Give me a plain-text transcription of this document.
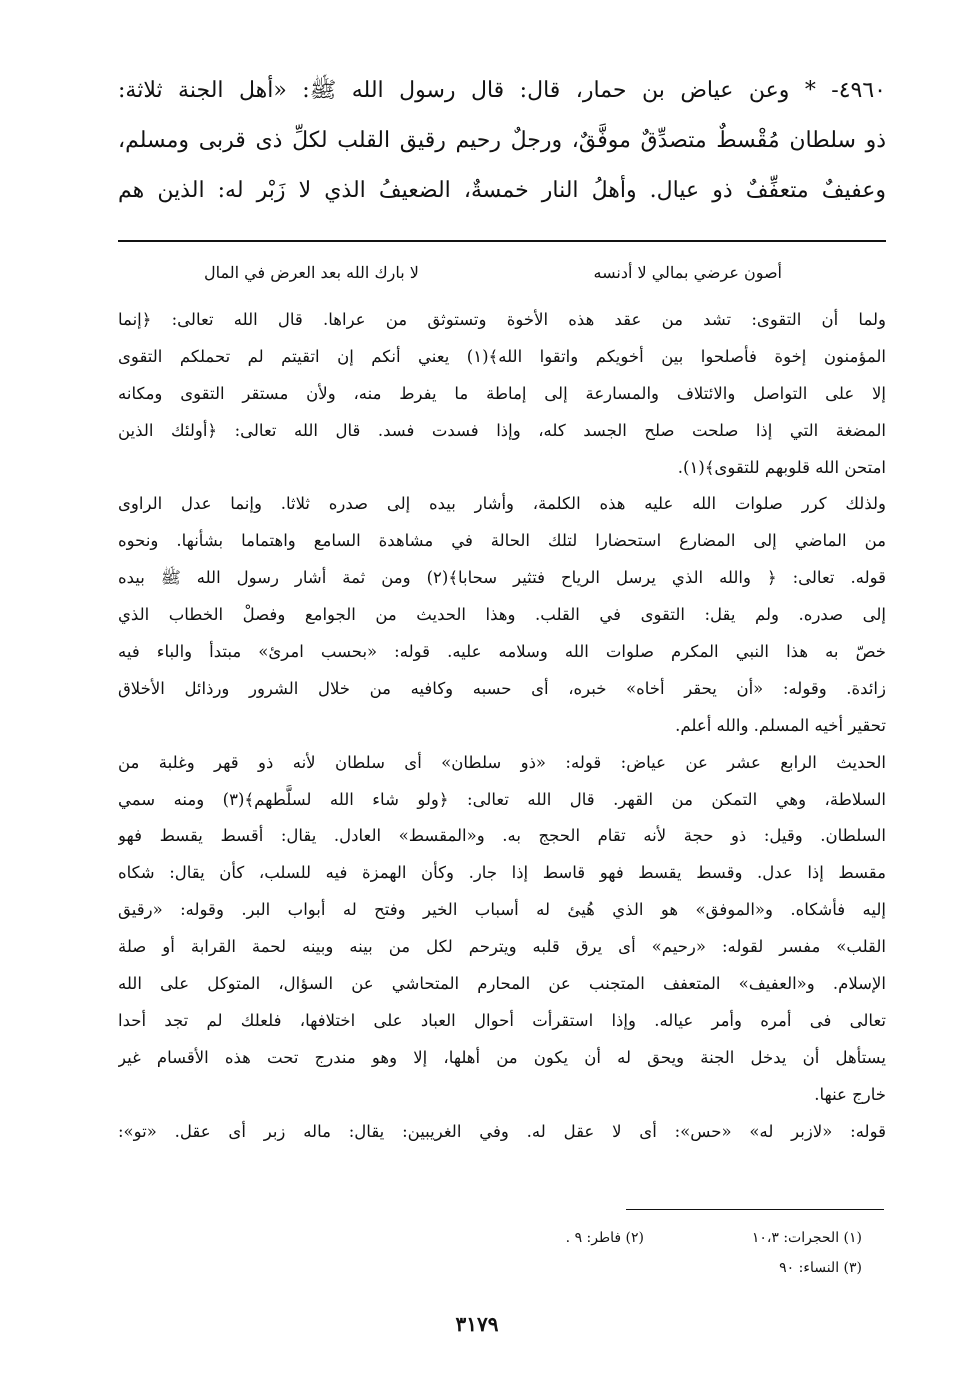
٤٩٦٠- * وعن عياض بن حمار، قال: قال رسول الله ﷺ: «أهل الجنة ثلاثة:
ذو سلطان مُقْسطٌ متصدِّقٌ موفَّقٌ، ورجلٌ رحيم رقيق القلب لكلِّ ذى قربى ومسلم،
وعفيفٌ متعفِّفٌ ذو عيال. وأهلُ النار خمسةٌ، الضعيفُ الذي لا زَبْر له: الذين هم
أصون عرضي بمالي لا أدنسه
لا بارك الله بعد العرض في المال
ولما أن التقوى: تشد من عقد هذه الأخوة وتستوثق من عراها. قال الله تعالى: ﴿إنما
المؤمنون إخوة فأصلحوا بين أخويكم واتقوا الله﴾(١) يعني أنكم إن اتقيتم لم تحملكم التقوى
إلا على التواصل والائتلاف والمسارعة إلى إماطة ما يفرط منه، ولأن مستقر التقوى ومكانه
المضغة التي إذا صلحت صلح الجسد كله، وإذا فسدت فسد. قال الله تعالى: ﴿أولئك الذين
امتحن الله قلوبهم للتقوى﴾(١).
ولذلك كرر صلوات الله عليه هذه الكلمة، وأشار بيده إلى صدره ثلاثا. وإنما عدل الراوى
من الماضي إلى المضارع استحضارا لتلك الحالة في مشاهدة السامع واهتماما بشأنها. ونحوه
قوله. تعالى: ﴿ والله الذي يرسل الرياح فتثير سحابا﴾(٢) ومن ثمة أشار رسول الله ﷺ بيده
إلى صدره. ولم يقل: التقوى في القلب. وهذا الحديث من الجوامع وفصلْ الخطاب الذي
خصّ به هذا النبي المكرم صلوات الله وسلامه عليه. قوله: «بحسب امرئ» مبتدأ والباء فيه
زائدة. وقوله: «أن يحقر أخاه» خبره، أى حسبه وكافيه من خلال الشرور ورذائل الأخلاق
تحقير أخيه المسلم. والله أعلم.
الحديث الرابع عشر عن عياض: قوله: «ذو سلطان» أى سلطان لأنه ذو قهر وغلبة من
السلاطة، وهي التمكن من القهر. قال الله تعالى: ﴿ولو شاء الله لسلَّطهم﴾(٣) ومنه سمي
السلطان. وقيل: ذو حجة لأنه تقام الحجج به. و«المقسط» العادل. يقال: أقسط يقسط فهو
مقسط إذا عدل. وقسط يقسط فهو قاسط إذا جار. وكأن الهمزة فيه للسلب، كأن يقال: شكاه
إليه فأشكاه. و«الموفق» هو الذي هُيئ له أسباب الخير وفتح له أبواب البر. وقوله: «رقيق
القلب» مفسر لقوله: «رحيم» أى يرق قلبه ويترحم لكل من بينه وبينه لحمة القرابة أو صلة
الإسلام. و«العفيف» المتعفف المتجنب عن المحارم المتحاشي عن السؤال، المتوكل على الله
تعالى فى أمره وأمر عياله. وإذا استقرأت أحوال العباد على اختلافها، فلعلك لم تجد أحدا
يستأهل أن يدخل الجنة ويحق له أن يكون من أهلها، إلا وهو مندرج تحت هذه الأقسام غير
خارج عنها.
قوله: «لازبر له» «حس»: أى لا عقل له. وفي الغريبين: يقال: ماله زبر أى عقل. «تو»:
(١) الحجرات: ١٠،٣
(٢) فاطر: ٩ .
(٣) النساء: ٩٠
٣١٧٩
